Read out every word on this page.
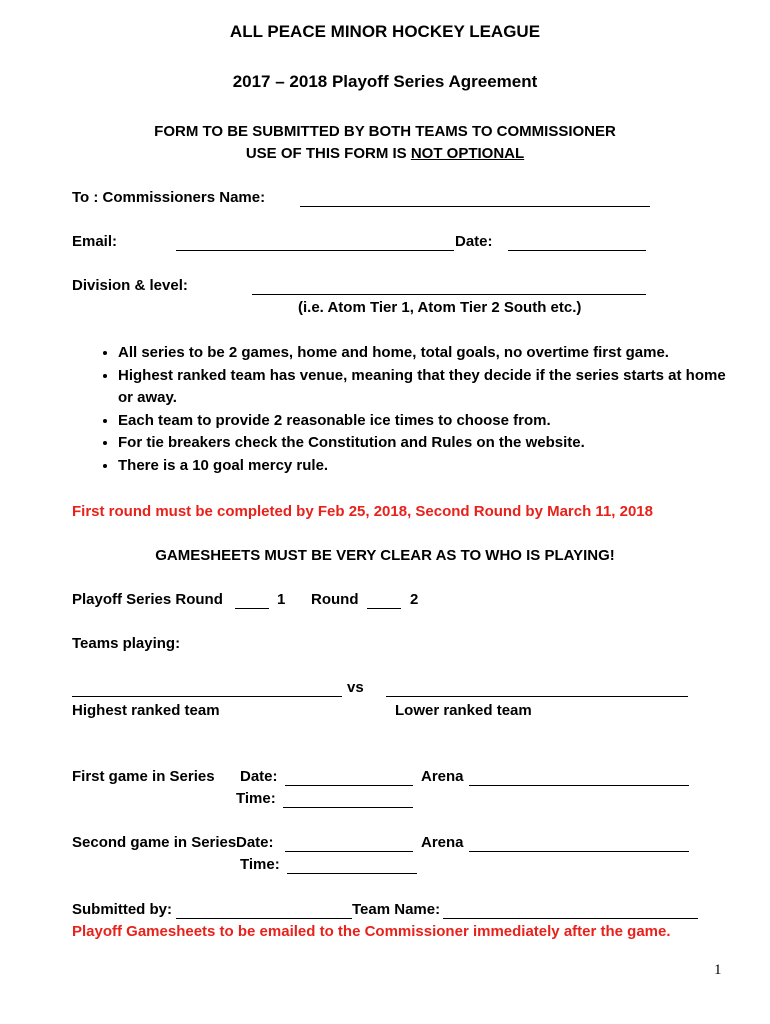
ALL PEACE MINOR HOCKEY LEAGUE
2017 – 2018 Playoff Series Agreement
FORM TO BE SUBMITTED BY BOTH TEAMS TO COMMISSIONER
USE OF THIS FORM IS NOT OPTIONAL
To : Commissioners Name:
Email:	Date:
Division & level:
(i.e. Atom Tier 1, Atom Tier 2 South etc.)
• All series to be 2 games, home and home, total goals, no overtime first game.
• Highest ranked team has venue, meaning that they decide if the series starts at home or away.
• Each team to provide 2 reasonable ice times to choose from.
• For tie breakers check the Constitution and Rules on the website.
• There is a 10 goal mercy rule.
First round must be completed by Feb 25, 2018, Second Round by March 11, 2018
GAMESHEETS MUST BE VERY CLEAR AS TO WHO IS PLAYING!
Playoff Series Round	1 Round	2
Teams playing:
vs
Highest ranked team	Lower ranked team
First game in Series Date:	Arena
Time:
Second game in Series Date:	Arena
Time:
Submitted by:	Team Name:
Playoff Gamesheets to be emailed to the Commissioner immediately after the game.
1
